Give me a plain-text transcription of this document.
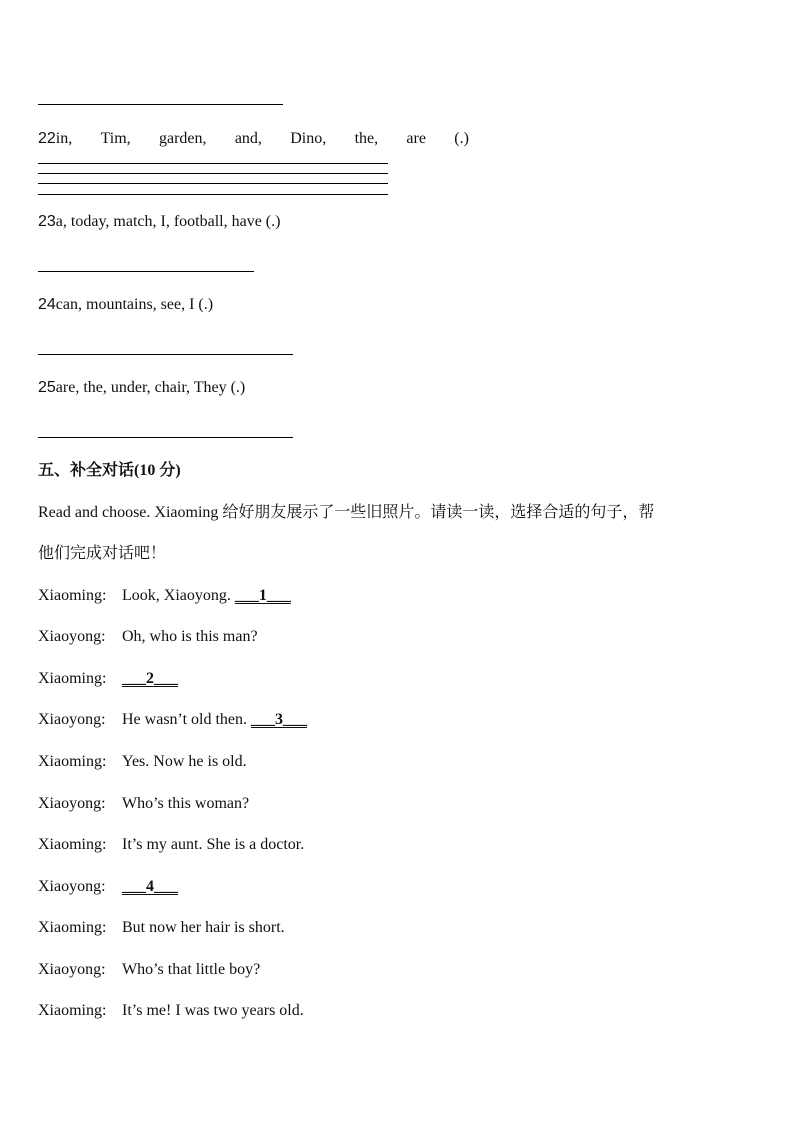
22in, Tim, garden, and, Dino, the, are (.)
23a, today, match, I, football, have (.)
24can, mountains, see, I (.)
25are, the, under, chair, They (.)
五、补全对话(10 分)
Read and choose. Xiaoming 给好朋友展示了一些旧照片。请读一读，选择合适的句子，帮
他们完成对话吧！
Xiaoming: Look, Xiaoyong. ___1___
Xiaoyong: Oh, who is this man?
Xiaoming: ___2___
Xiaoyong: He wasn’t old then. ___3___
Xiaoming: Yes. Now he is old.
Xiaoyong: Who’s this woman?
Xiaoming: It’s my aunt. She is a doctor.
Xiaoyong: ___4___
Xiaoming: But now her hair is short.
Xiaoyong: Who’s that little boy?
Xiaoming: It’s me! I was two years old.
